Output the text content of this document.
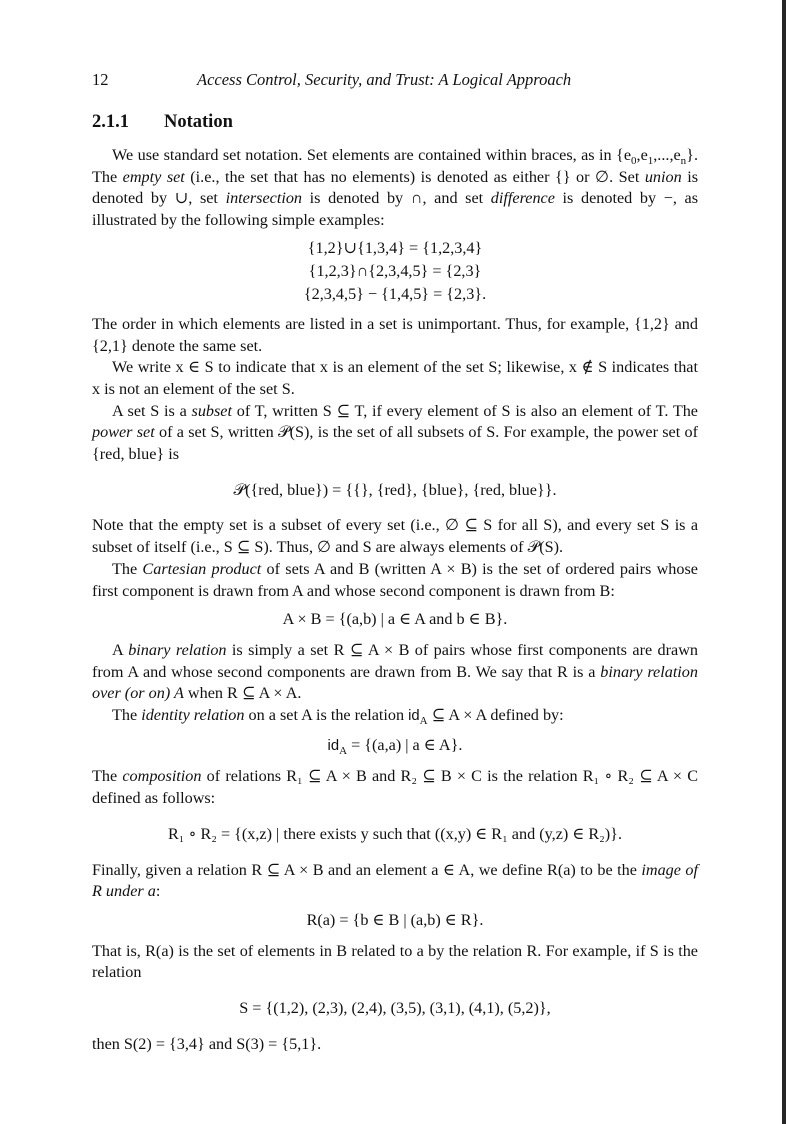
12	Access Control, Security, and Trust: A Logical Approach
2.1.1 Notation

We use standard set notation. Set elements are contained within braces, as in $\{e_0,e_1,...,e_n\}$. The empty set (i.e., the set that has no elements) is denoted as either {} or ∅. Set union is denoted by ∪, set intersection is denoted by ∩, and set difference is denoted by −, as illustrated by the following simple examples:

{1,2}∪{1,3,4} = {1,2,3,4}
{1,2,3}∩{2,3,4,5} = {2,3}
{2,3,4,5} − {1,4,5} = {2,3}.

The order in which elements are listed in a set is unimportant. Thus, for example, {1,2} and {2,1} denote the same set.

We write x ∈ S to indicate that x is an element of the set S; likewise, x ∉ S indicates that x is not an element of the set S.

A set S is a subset of T, written S ⊆ T, if every element of S is also an element of T. The power set of a set S, written 𝒫(S), is the set of all subsets of S. For example, the power set of {red, blue} is

𝒫({red, blue}) = {{}, {red}, {blue}, {red, blue}}.

Note that the empty set is a subset of every set (i.e., ∅ ⊆ S for all S), and every set S is a subset of itself (i.e., S ⊆ S). Thus, ∅ and S are always elements of 𝒫(S).

The Cartesian product of sets A and B (written A × B) is the set of ordered pairs whose first component is drawn from A and whose second component is drawn from B:

A × B = {(a,b) | a ∈ A and b ∈ B}.

A binary relation is simply a set R ⊆ A × B of pairs whose first components are drawn from A and whose second components are drawn from B. We say that R is a binary relation over (or on) A when R ⊆ A × A.

The identity relation on a set A is the relation $id_A$ ⊆ A × A defined by:

$id_A = \{(a,a)$ | a ∈ A}.

The composition of relations R₁ ⊆ A × B and R₂ ⊆ B × C is the relation R₁ ∘ R₂ ⊆ A × C defined as follows:

R₁ ∘ R₂ = {(x,z) | there exists y such that ((x,y) ∈ R₁ and (y,z) ∈ R₂)}.

Finally, given a relation R ⊆ A × B and an element a ∈ A, we define R(a) to be the image of R under a:

R(a) = {b ∈ B | (a,b) ∈ R}.

That is, R(a) is the set of elements in B related to a by the relation R. For example, if S is the relation

S = {(1,2), (2,3), (2,4), (3,5), (3,1), (4,1), (5,2)},

then S(2) = {3,4} and S(3) = {5,1}.
